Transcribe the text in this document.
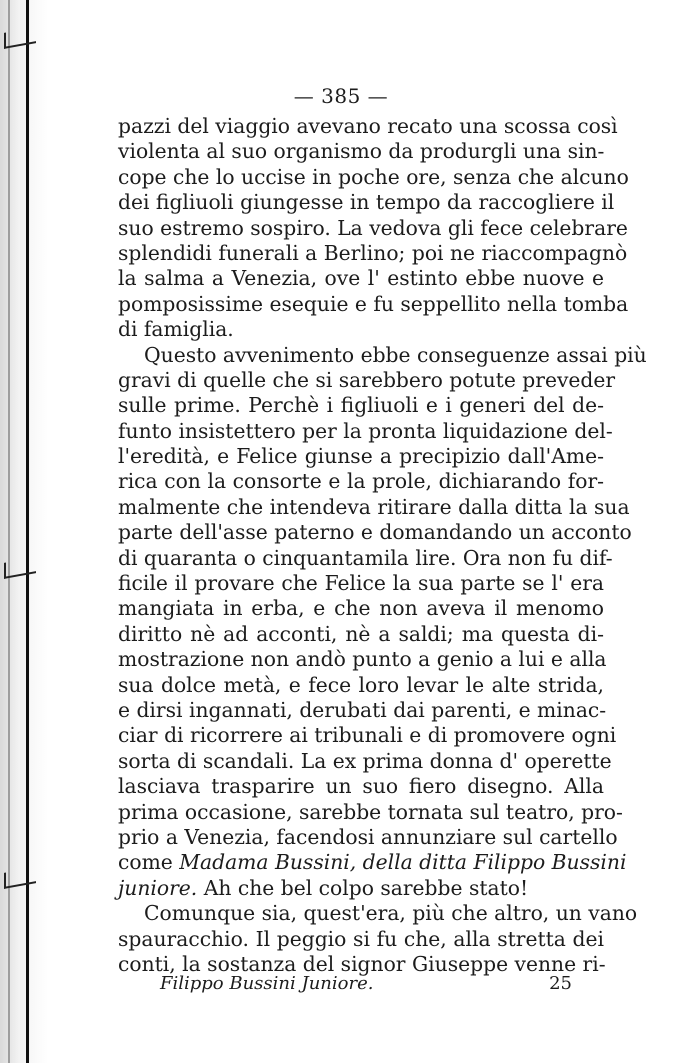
— 385 —
pazzi del viaggio avevano recato una scossa così
violenta al suo organismo da produrgli una sin-
cope che lo uccise in poche ore, senza che alcuno
dei figliuoli giungesse in tempo da raccogliere il
suo estremo sospiro. La vedova gli fece celebrare
splendidi funerali a Berlino; poi ne riaccompagnò
la salma a Venezia, ove l' estinto ebbe nuove e
pomposissime esequie e fu seppellito nella tomba
di famiglia.
Questo avvenimento ebbe conseguenze assai più
gravi di quelle che si sarebbero potute preveder
sulle prime. Perchè i figliuoli e i generi del de-
funto insistettero per la pronta liquidazione del-
l'eredità, e Felice giunse a precipizio dall'Ame-
rica con la consorte e la prole, dichiarando for-
malmente che intendeva ritirare dalla ditta la sua
parte dell'asse paterno e domandando un acconto
di quaranta o cinquantamila lire. Ora non fu dif-
ficile il provare che Felice la sua parte se l' era
mangiata in erba, e che non aveva il menomo
diritto nè ad acconti, nè a saldi; ma questa di-
mostrazione non andò punto a genio a lui e alla
sua dolce metà, e fece loro levar le alte strida,
e dirsi ingannati, derubati dai parenti, e minac-
ciar di ricorrere ai tribunali e di promovere ogni
sorta di scandali. La ex prima donna d' operette
lasciava trasparire un suo fiero disegno. Alla
prima occasione, sarebbe tornata sul teatro, pro-
prio a Venezia, facendosi annunziare sul cartello
come Madama Bussini, della ditta Filippo Bussini
juniore. Ah che bel colpo sarebbe stato!
Comunque sia, quest'era, più che altro, un vano
spauracchio. Il peggio si fu che, alla stretta dei
conti, la sostanza del signor Giuseppe venne ri-
Filippo Bussini Juniore.	25
